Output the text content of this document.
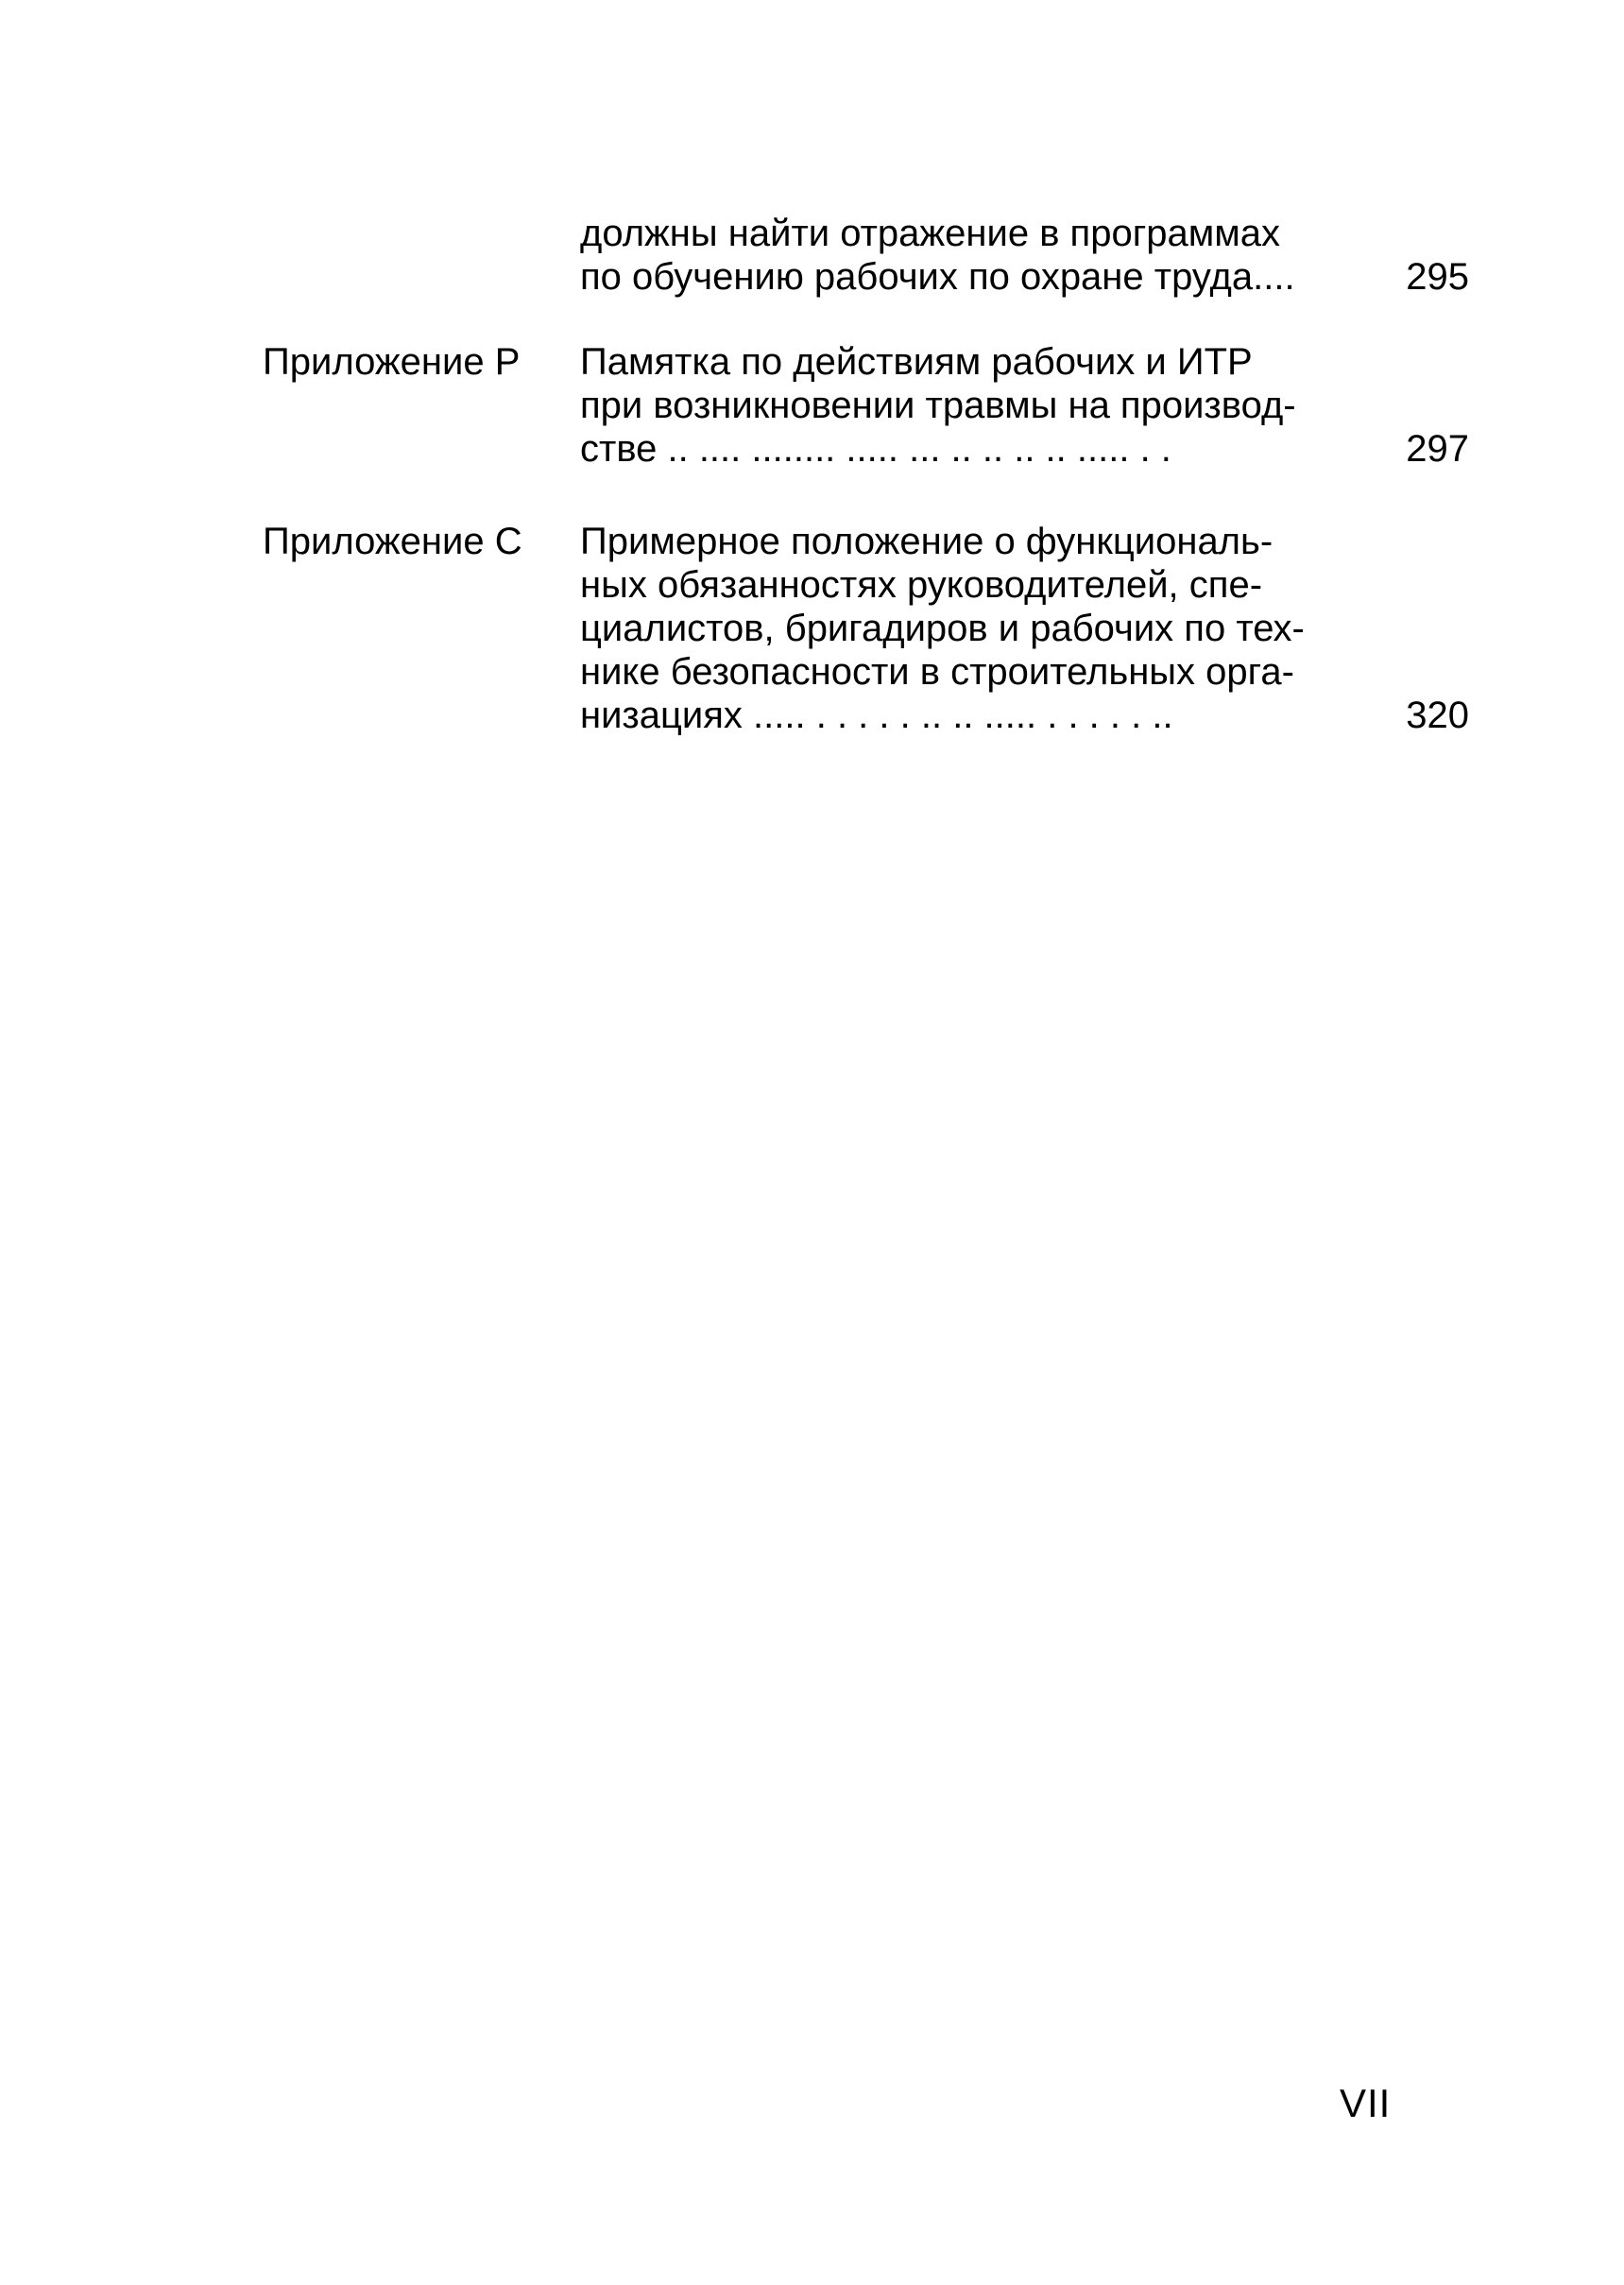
должны найти отражение в программах
по обучению рабочих по охране труда....	295
Приложение Р Памятка по действиям рабочих и ИТР
при возникновении травмы на производ-
стве .. .... ........ ..... ... .. .. .. .. ..... . .	297
Приложение С Примерное положение о функциональ-
ных обязанностях руководителей, спе-
циалистов, бригадиров и рабочих по тех-
нике безопасности в строительных орга-
низациях ..... . . . . . .. .. ..... . . . . . ..	320
VII
